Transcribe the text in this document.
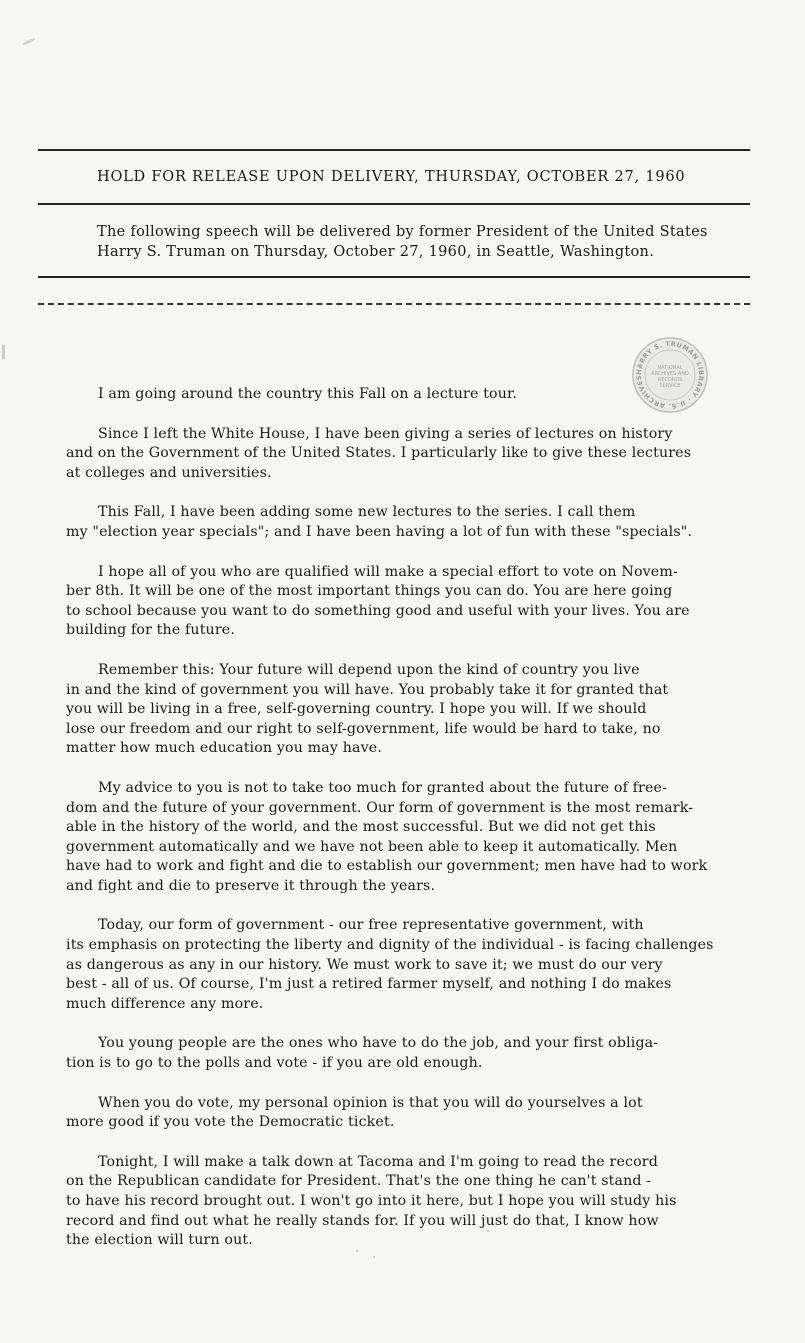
HOLD FOR RELEASE UPON DELIVERY, THURSDAY, OCTOBER 27, 1960

The following speech will be delivered by former President of the United States

Harry S. Truman on Thursday, October 27, 1960, in Seattle, Washington.

HARRY S. TRUMAN LIBRARY · U.S. ARCHIVES
NATIONAL
ARCHIVES AND
RECORDS
SERVICE
I am going around the country this Fall on a lecture tour.
Since I left the White House, I have been giving a series of lectures on history
and on the Government of the United States. I particularly like to give these lectures
at colleges and universities.
This Fall, I have been adding some new lectures to the series. I call them
my "election year specials"; and I have been having a lot of fun with these "specials".
I hope all of you who are qualified will make a special effort to vote on Novem-
ber 8th. It will be one of the most important things you can do. You are here going
to school because you want to do something good and useful with your lives. You are
building for the future.
Remember this: Your future will depend upon the kind of country you live
in and the kind of government you will have. You probably take it for granted that
you will be living in a free, self-governing country. I hope you will. If we should
lose our freedom and our right to self-government, life would be hard to take, no
matter how much education you may have.
My advice to you is not to take too much for granted about the future of free-
dom and the future of your government. Our form of government is the most remark-
able in the history of the world, and the most successful. But we did not get this
government automatically and we have not been able to keep it automatically. Men
have had to work and fight and die to establish our government; men have had to work
and fight and die to preserve it through the years.
Today, our form of government - our free representative government, with
its emphasis on protecting the liberty and dignity of the individual - is facing challenges
as dangerous as any in our history. We must work to save it; we must do our very
best - all of us. Of course, I'm just a retired farmer myself, and nothing I do makes
much difference any more.
You young people are the ones who have to do the job, and your first obliga-
tion is to go to the polls and vote - if you are old enough.
When you do vote, my personal opinion is that you will do yourselves a lot
more good if you vote the Democratic ticket.
Tonight, I will make a talk down at Tacoma and I'm going to read the record
on the Republican candidate for President. That's the one thing he can't stand -
to have his record brought out. I won't go into it here, but I hope you will study his
record and find out what he really stands for. If you will just do that, I know how
the election will turn out.
